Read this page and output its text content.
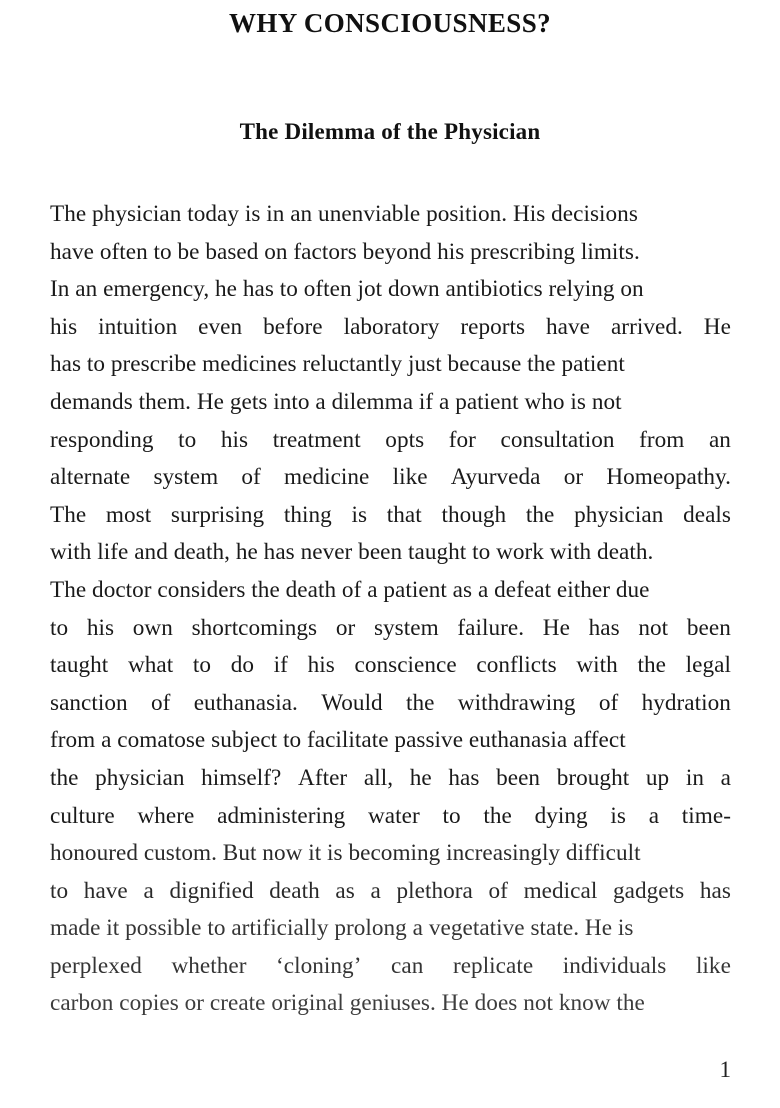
WHY CONSCIOUSNESS?
The Dilemma of the Physician
The physician today is in an unenviable position. His decisions
have often to be based on factors beyond his prescribing limits.
In an emergency, he has to often jot down antibiotics relying on
his intuition even before laboratory reports have arrived. He
has to prescribe medicines reluctantly just because the patient
demands them. He gets into a dilemma if a patient who is not
responding to his treatment opts for consultation from an
alternate system of medicine like Ayurveda or Homeopathy.
The most surprising thing is that though the physician deals
with life and death, he has never been taught to work with death.
The doctor considers the death of a patient as a defeat either due
to his own shortcomings or system failure. He has not been
taught what to do if his conscience conflicts with the legal
sanction of euthanasia. Would the withdrawing of hydration
from a comatose subject to facilitate passive euthanasia affect
the physician himself? After all, he has been brought up in a
culture where administering water to the dying is a time-
honoured custom. But now it is becoming increasingly difficult
to have a dignified death as a plethora of medical gadgets has
made it possible to artificially prolong a vegetative state. He is
perplexed whether ‘cloning’ can replicate individuals like
carbon copies or create original geniuses. He does not know the
1
